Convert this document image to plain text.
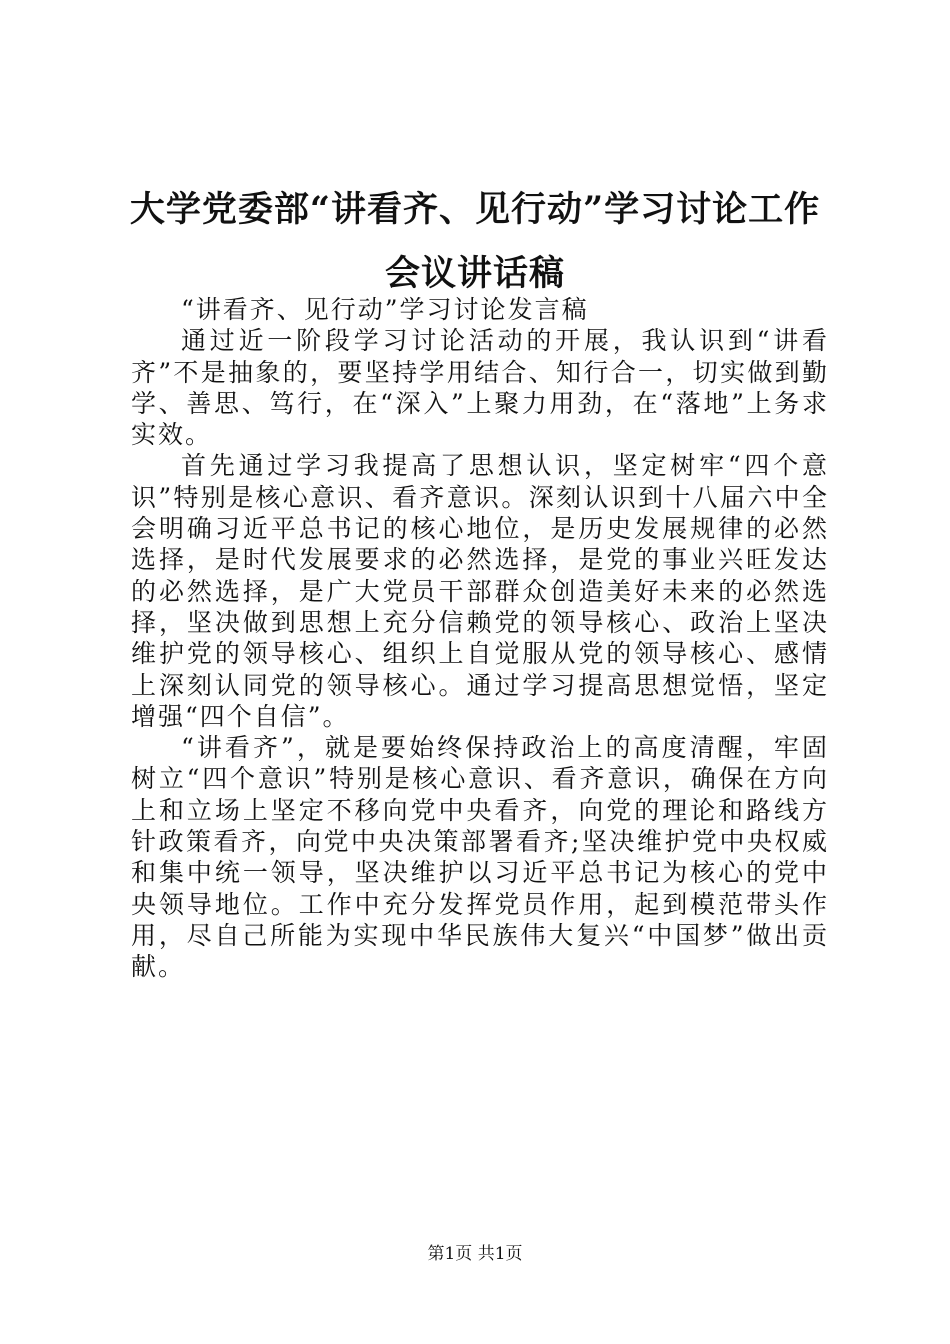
大学党委部“讲看齐、见行动”学习讨论工作
会议讲话稿

“讲看齐、见行动”学习讨论发言稿

通过近一阶段学习讨论活动的开展，我认识到“讲看齐”不是抽象的，要坚持学用结合、知行合一，切实做到勤学、善思、笃行，在“深入”上聚力用劲，在“落地”上务求实效。

首先通过学习我提高了思想认识，坚定树牢“四个意识”特别是核心意识、看齐意识。深刻认识到十八届六中全会明确习近平总书记的核心地位，是历史发展规律的必然选择，是时代发展要求的必然选择，是党的事业兴旺发达的必然选择，是广大党员干部群众创造美好未来的必然选择，坚决做到思想上充分信赖党的领导核心、政治上坚决维护党的领导核心、组织上自觉服从党的领导核心、感情上深刻认同党的领导核心。通过学习提高思想觉悟，坚定增强“四个自信”。

“讲看齐”，就是要始终保持政治上的高度清醒，牢固树立“四个意识”特别是核心意识、看齐意识，确保在方向上和立场上坚定不移向党中央看齐，向党的理论和路线方针政策看齐，向党中央决策部署看齐;坚决维护党中央权威和集中统一领导，坚决维护以习近平总书记为核心的党中央领导地位。工作中充分发挥党员作用，起到模范带头作用，尽自己所能为实现中华民族伟大复兴“中国梦”做出贡献。

第1页 共1页
